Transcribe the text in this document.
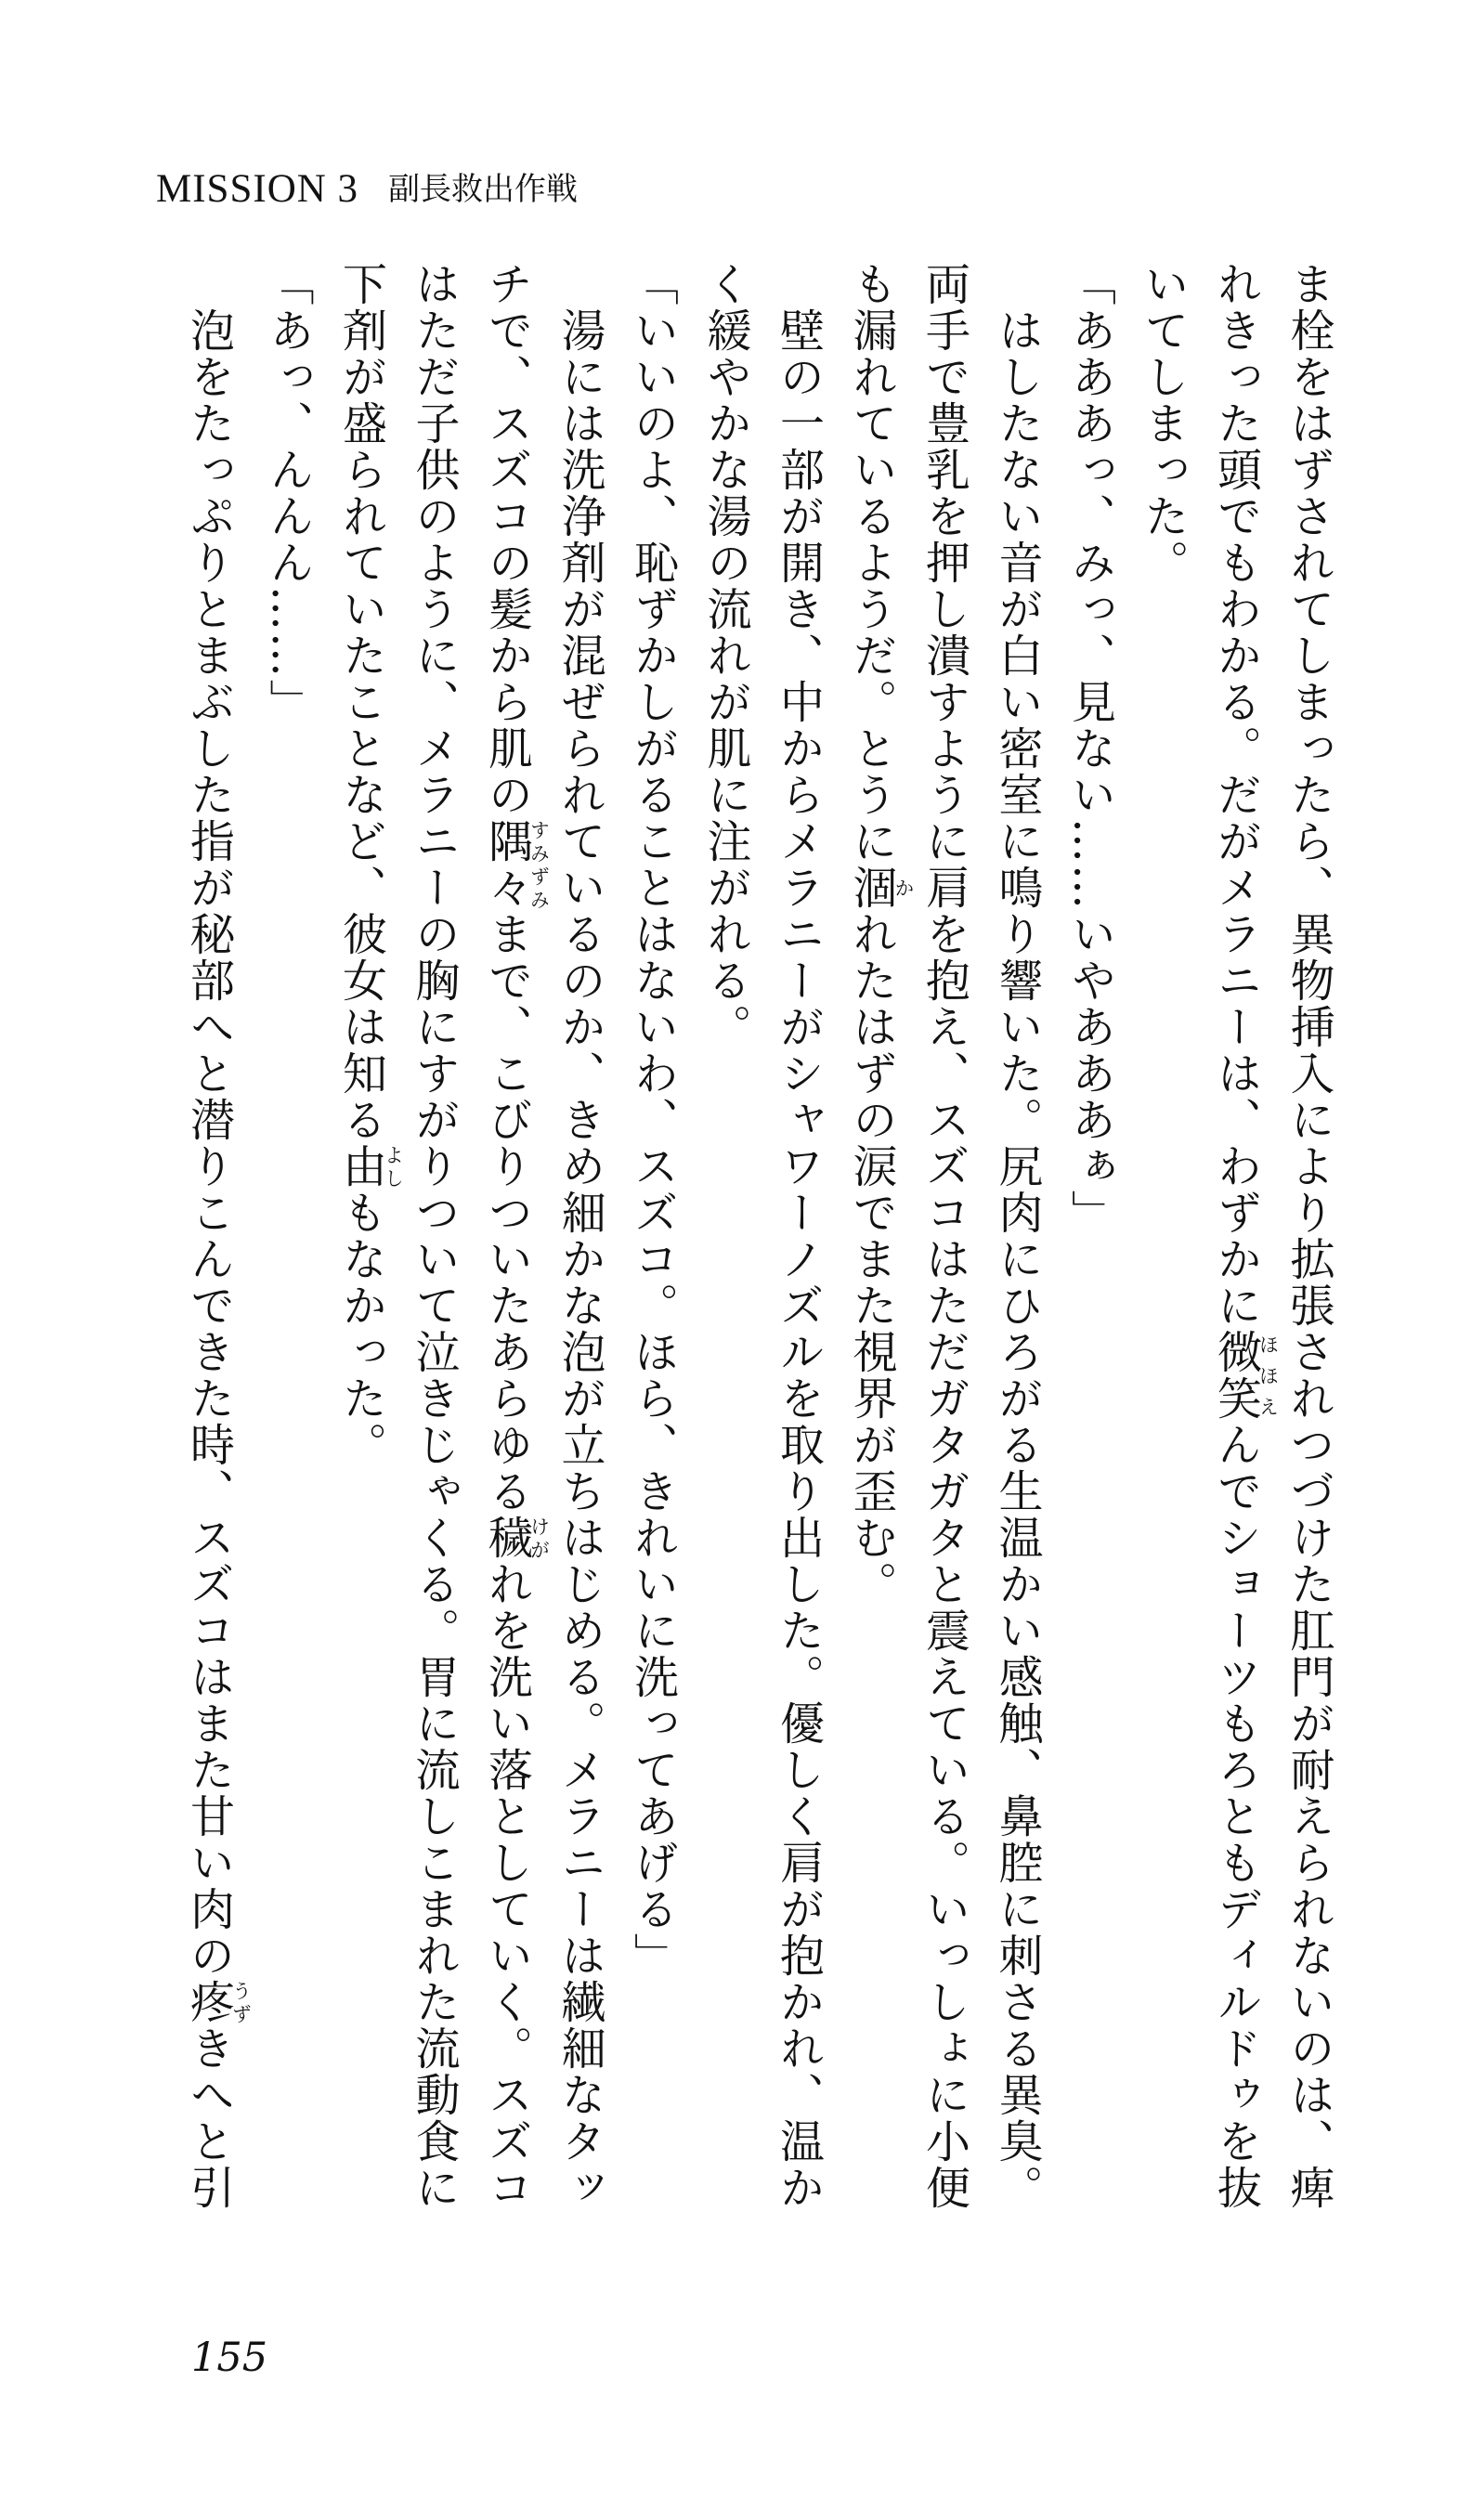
MISSION 3 副長救出作戦

ま栓をはずされてしまったら、異物挿入により拡張されつづけた肛門が耐えられないのは、痺れきった頭でもわかる。だがメラニーは、わずかに微笑ほほえんでショーツもろともディルドゥを抜いてしまった。

「あああっ、みっ、見ない……いやあああぁ」

はしたない音が白い密室に鳴り響いた。尻肉にひろがる生温かい感触、鼻腔に刺さる異臭。両手で豊乳を押し潰すように肩を抱え、スズコはただガタガタと震えている。いっしょに小便も漏れているようだ。とうに涸かれたはずの涙でまた視界が歪む。

壁の一部が開き、中からメラニーがシャワーノズルを取り出した。優しく肩が抱かれ、温かく緩やかな湯の流れが肌に注がれる。

「いいのよ、恥ずかしがることはないわ、スズコ。ほら、きれいに洗ってあげる」

湯には洗浄剤が混ぜられているのか、きめ細かな泡が立ちはじめる。メラニーは繊細なタッチで、スズコの髪から肌の隅々すみずみまで、こびりついたあらゆる穢けがれを洗い落としていく。スズコはただ子供のように、メラニーの胸にすがりついて泣きじゃくる。胃に流しこまれた流動食に下剤が盛られていたことなど、彼女は知る由よしもなかった。

「あっ、んんん……」

泡をたっぷりとまぶした指が秘部へと潜りこんできた時、スズコはまた甘い肉の疼うずきへと引

155
